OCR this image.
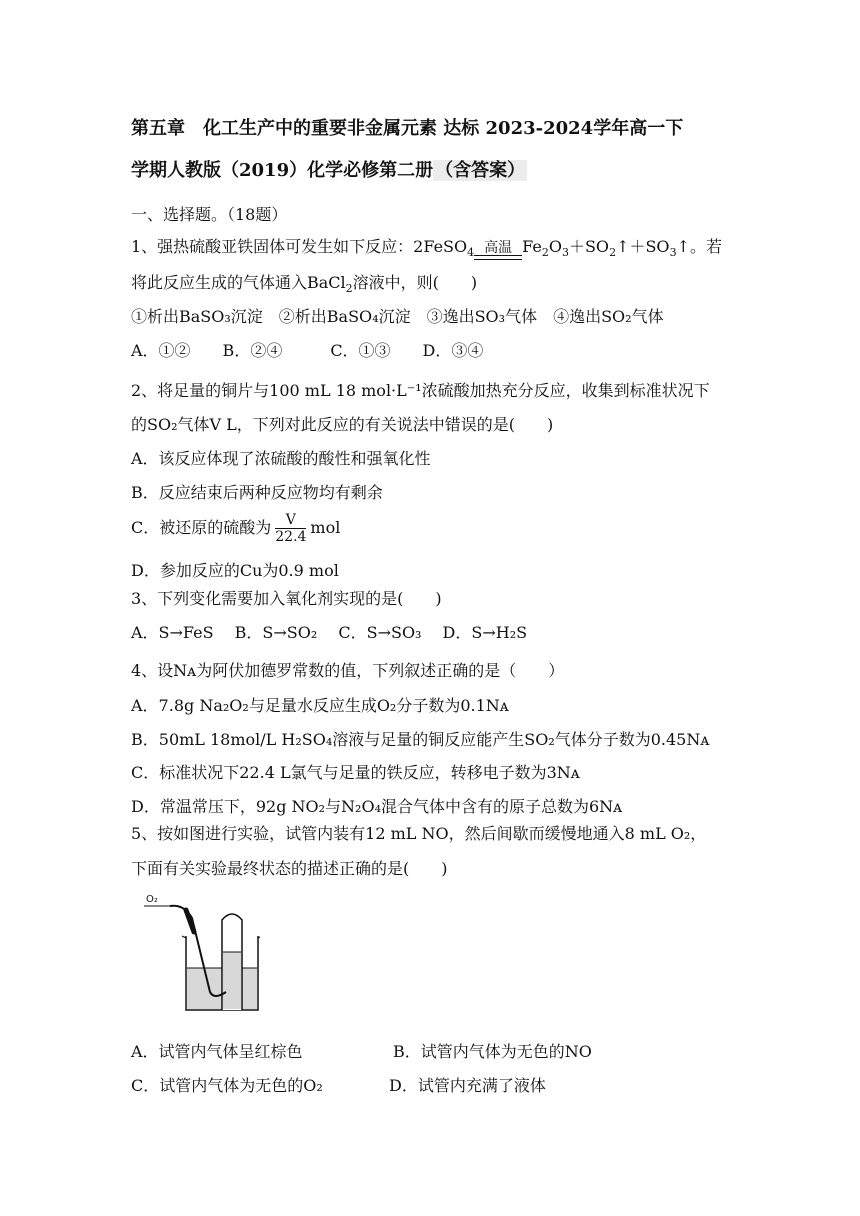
第五章　化工生产中的重要非金属元素 达标 2023-2024学年高一下
学期人教版（2019）化学必修第二册 （含答案）
一、选择题。（18题）
1、强热硫酸亚铁固体可发生如下反应：2FeSO$_4$ 高温 $Fe_2O_3+SO_2↑+SO_3↑$。若
将此反应生成的气体通入BaCl$_2$溶液中，则(　　)
①析出BaSO₃沉淀　②析出BaSO₄沉淀　③逸出SO₃气体　④逸出SO₂气体
A．①②　　B．②④　　　C．①③　　D．③④
2、将足量的铜片与100 mL 18 mol·L⁻¹浓硫酸加热充分反应，收集到标准状况下
的SO₂气体V L，下列对此反应的有关说法中错误的是(　　)
A．该反应体现了浓硫酸的酸性和强氧化性
B．反应结束后两种反应物均有剩余
C．被还原的硫酸为 $\frac{V}{22.4}$ mol
D．参加反应的Cu为0.9 mol
3、下列变化需要加入氧化剂实现的是(　　)
A．S→FeS　 B．S→SO₂　 C．S→SO₃　 D．S→H₂S
4、设Nᴀ为阿伏加德罗常数的值，下列叙述正确的是（　　）
A．7.8g Na₂O₂与足量水反应生成O₂分子数为0.1Nᴀ
B．50mL 18mol/L H₂SO₄溶液与足量的铜反应能产生SO₂气体分子数为0.45Nᴀ
C．标准状况下22.4 L氯气与足量的铁反应，转移电子数为3Nᴀ
D．常温常压下，92g NO₂与N₂O₄混合气体中含有的原子总数为6Nᴀ
5、按如图进行实验，试管内装有12 mL NO，然后间歇而缓慢地通入8 mL O₂，
下面有关实验最终状态的描述正确的是(　　)
O₂
A．试管内气体呈红棕色	B．试管内气体为无色的NO
C．试管内气体为无色的O₂	D．试管内充满了液体
